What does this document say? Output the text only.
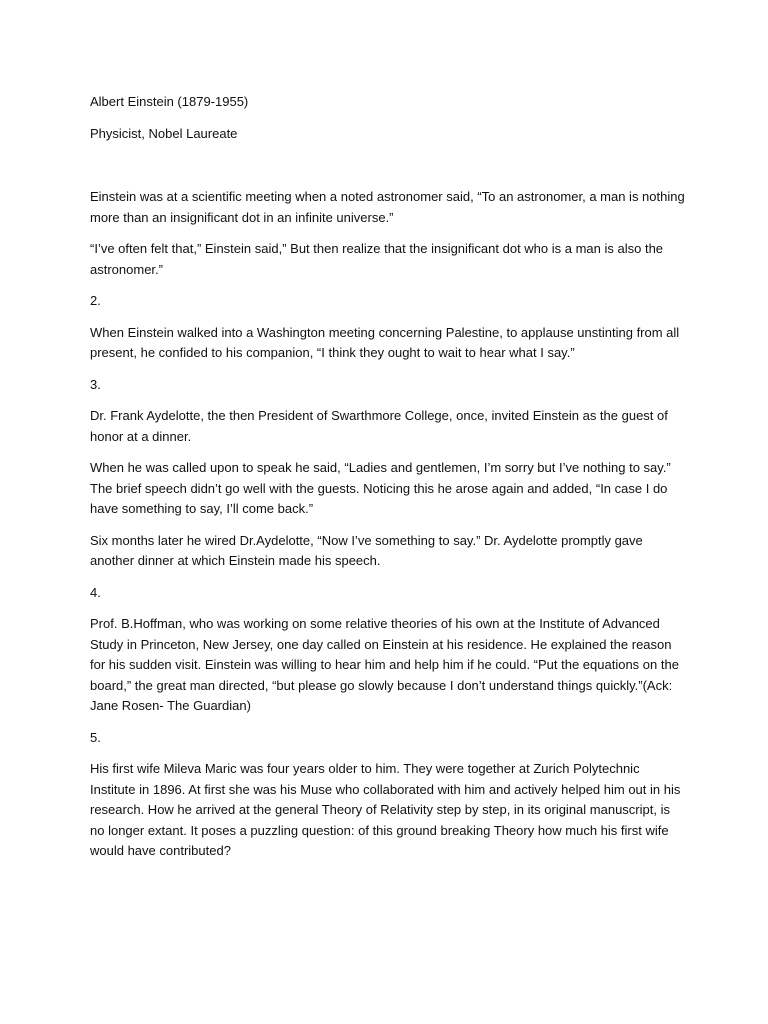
Albert Einstein (1879-1955)

Physicist, Nobel Laureate

Einstein was at a scientific meeting when a noted astronomer said, “To an astronomer, a man is nothing more than an insignificant dot in an infinite universe.”

“I’ve often felt that,” Einstein said,” But then realize that the insignificant dot who is a man is also the astronomer.”

2.

When Einstein walked into a Washington meeting concerning Palestine, to applause unstinting from all present, he confided to his companion, “I think they ought to wait to hear what I say.”

3.

Dr. Frank Aydelotte, the then President of Swarthmore College, once, invited Einstein as the guest of honor at a dinner.

When he was called upon to speak he said, “Ladies and gentlemen, I’m sorry but I’ve nothing to say.” The brief speech didn’t go well with the guests. Noticing this he arose again and added, “In case I do have something to say, I’ll come back.”

Six months later he wired Dr.Aydelotte, “Now I’ve something to say.” Dr. Aydelotte promptly gave another dinner at which Einstein made his speech.

4.

Prof. B.Hoffman, who was working on some relative theories of his own at the Institute of Advanced Study in Princeton, New Jersey, one day called on Einstein at his residence. He explained the reason for his sudden visit. Einstein was willing to hear him and help him if he could. “Put the equations on the board,” the great man directed, “but please go slowly because I don’t understand things quickly.”(Ack: Jane Rosen- The Guardian)

5.

His first wife Mileva Maric was four years older to him. They were together at Zurich Polytechnic Institute in 1896. At first she was his Muse who collaborated with him and actively helped him out in his research. How he arrived at the general Theory of Relativity step by step, in its original manuscript, is no longer extant. It poses a puzzling question: of this ground breaking Theory how much his first wife would have contributed?
